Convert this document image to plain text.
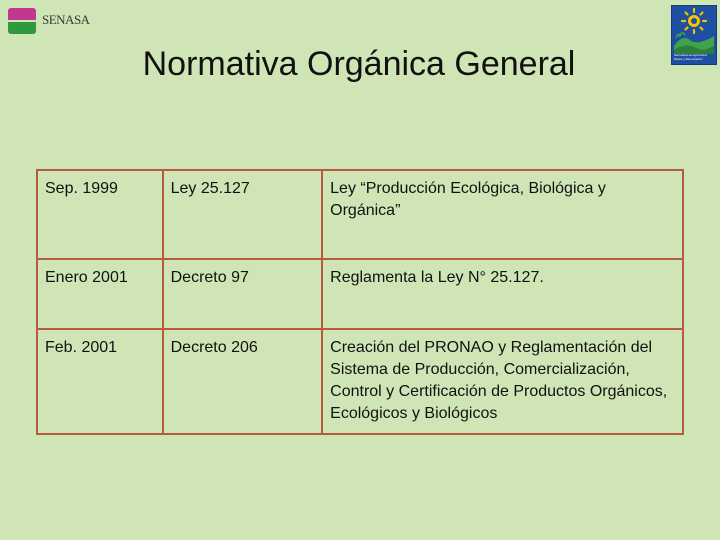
SENASA
Secretaría de Agricultura
Pesca y Alimentación
Normativa Orgánica General
Sep. 1999	Ley 25.127	Ley “Producción Ecológica, Biológica y Orgánica”
Enero 2001	Decreto 97	Reglamenta la Ley N° 25.127.
Feb. 2001	Decreto 206	Creación del PRONAO y Reglamentación del Sistema de Producción, Comercialización, Control y Certificación de Productos Orgánicos, Ecológicos y Biológicos
